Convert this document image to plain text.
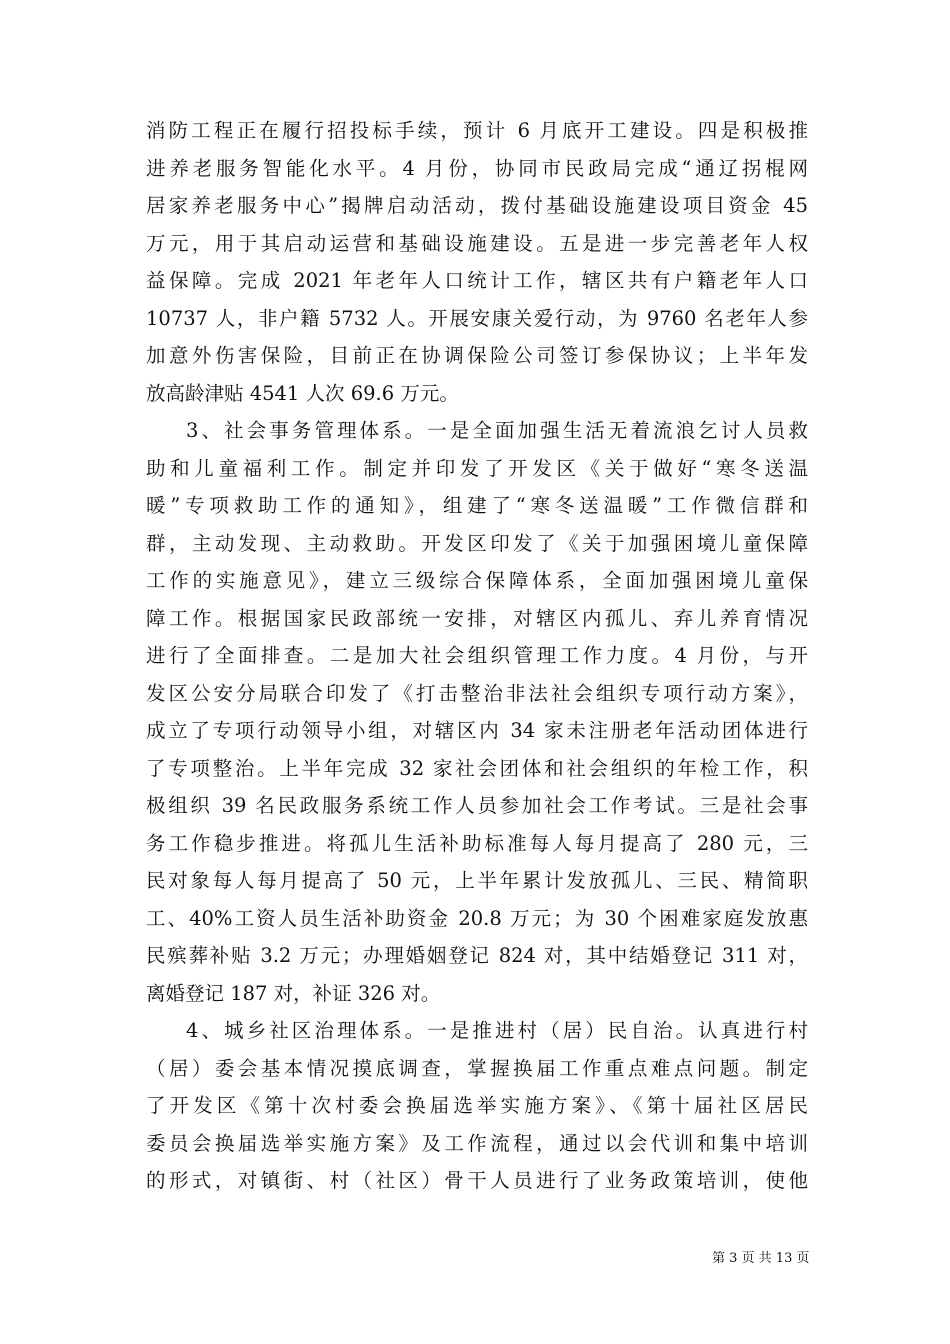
消防工程正在履行招投标手续，预计 6 月底开工建设。四是积极推
进养老服务智能化水平。4 月份，协同市民政局完成“通辽拐棍网
居家养老服务中心”揭牌启动活动，拨付基础设施建设项目资金 45
万元，用于其启动运营和基础设施建设。五是进一步完善老年人权
益保障。完成 2021 年老年人口统计工作，辖区共有户籍老年人口
10737 人，非户籍 5732 人。开展安康关爱行动，为 9760 名老年人参
加意外伤害保险，目前正在协调保险公司签订参保协议；上半年发
放高龄津贴 4541 人次 69.6 万元。
3、社会事务管理体系。一是全面加强生活无着流浪乞讨人员救
助和儿童福利工作。制定并印发了开发区《关于做好“寒冬送温
暖”专项救助工作的通知》，组建了“寒冬送温暖”工作微信群和
群，主动发现、主动救助。开发区印发了《关于加强困境儿童保障
工作的实施意见》，建立三级综合保障体系，全面加强困境儿童保
障工作。根据国家民政部统一安排，对辖区内孤儿、弃儿养育情况
进行了全面排查。二是加大社会组织管理工作力度。4 月份，与开
发区公安分局联合印发了《打击整治非法社会组织专项行动方案》，
成立了专项行动领导小组，对辖区内 34 家未注册老年活动团体进行
了专项整治。上半年完成 32 家社会团体和社会组织的年检工作，积
极组织 39 名民政服务系统工作人员参加社会工作考试。三是社会事
务工作稳步推进。将孤儿生活补助标准每人每月提高了 280 元，三
民对象每人每月提高了 50 元，上半年累计发放孤儿、三民、精简职
工、40%工资人员生活补助资金 20.8 万元；为 30 个困难家庭发放惠
民殡葬补贴 3.2 万元；办理婚姻登记 824 对，其中结婚登记 311 对，
离婚登记 187 对，补证 326 对。
4、城乡社区治理体系。一是推进村（居）民自治。认真进行村
（居）委会基本情况摸底调查，掌握换届工作重点难点问题。制定
了开发区《第十次村委会换届选举实施方案》、《第十届社区居民
委员会换届选举实施方案》及工作流程，通过以会代训和集中培训
的形式，对镇街、村（社区）骨干人员进行了业务政策培训，使他
第 3 页 共 13 页
